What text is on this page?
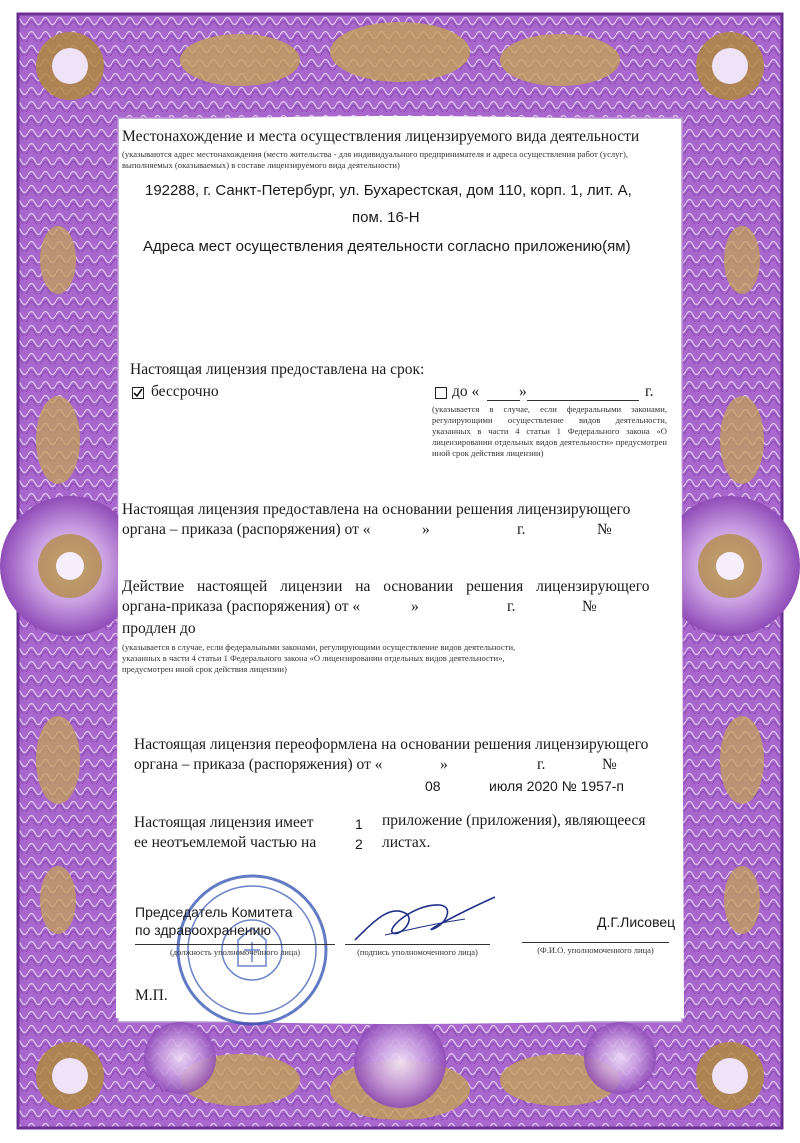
Местонахождение и места осуществления лицензируемого вида деятельности
(указываются адрес местонахождения (место жительства - для индивидуального предпринимателя и адреса осуществления работ (услуг), выполняемых (оказываемых) в составе лицензируемого вида деятельности)
192288, г. Санкт-Петербург, ул. Бухарестская, дом 110, корп. 1, лит. А,
пом. 16-Н
Адреса мест осуществления деятельности согласно приложению(ям)
Настоящая лицензия предоставлена на срок:
бессрочно	до «	»	г.
(указывается в случае, если федеральными законами, регулирующими осуществление видов деятельности, указанных в части 4 статьи 1 Федерального закона «О лицензировании отдельных видов деятельности» предусмотрен иной срок действия лицензии)
Настоящая лицензия предоставлена на основании решения лицензирующего
органа – приказа (распоряжения) от «	»	г.	№
Действие настоящей лицензии на основании решения лицензирующего
органа-приказа (распоряжения) от «	»	г.	№
продлен до
(указывается в случае, если федеральными законами, регулирующими осуществление видов деятельности, указанных в части 4 статьи 1 Федерального закона «О лицензировании отдельных видов деятельности», предусмотрен иной срок действия лицензии)
Настоящая лицензия переоформлена на основании решения лицензирующего
органа – приказа (распоряжения) от «	»	г.	№
08	июля 2020 № 1957-п
Настоящая лицензия имеет	1 приложение (приложения), являющееся
ее неотъемлемой частью на	2 листах.
Председатель Комитета
по здравоохранению
(должность уполномоченного лица)	(подпись уполномоченного лица)
Д.Г.Лисовец
(Ф.И.О. уполномоченного лица)
М.П.
